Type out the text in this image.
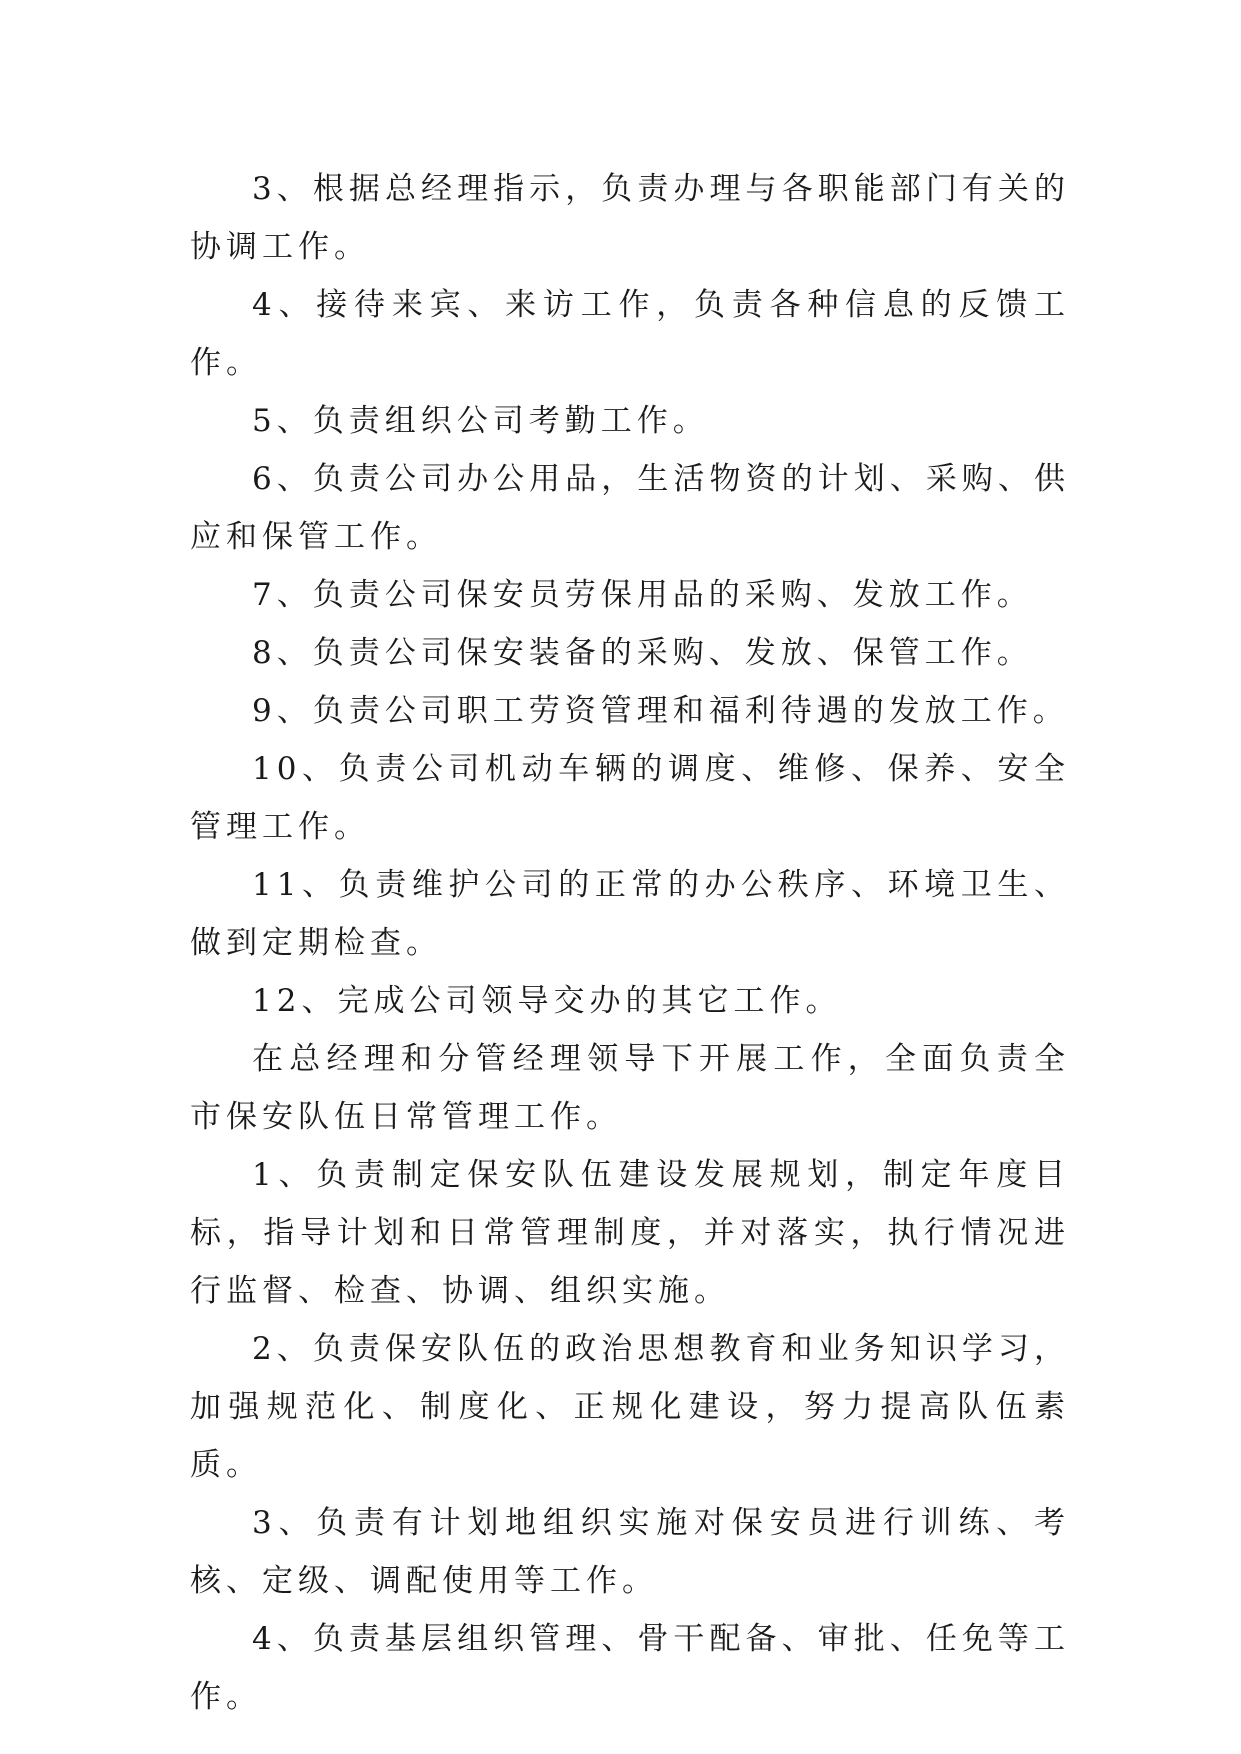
3、根据总经理指示，负责办理与各职能部门有关的协调工作。

4、接待来宾、来访工作，负责各种信息的反馈工作。

5、负责组织公司考勤工作。

6、负责公司办公用品，生活物资的计划、采购、供应和保管工作。

7、负责公司保安员劳保用品的采购、发放工作。

8、负责公司保安装备的采购、发放、保管工作。

9、负责公司职工劳资管理和福利待遇的发放工作。

10、负责公司机动车辆的调度、维修、保养、安全管理工作。

11、负责维护公司的正常的办公秩序、环境卫生、做到定期检查。

12、完成公司领导交办的其它工作。

在总经理和分管经理领导下开展工作，全面负责全市保安队伍日常管理工作。

1、负责制定保安队伍建设发展规划，制定年度目标，指导计划和日常管理制度，并对落实，执行情况进行监督、检查、协调、组织实施。

2、负责保安队伍的政治思想教育和业务知识学习，加强规范化、制度化、正规化建设，努力提高队伍素质。

3、负责有计划地组织实施对保安员进行训练、考核、定级、调配使用等工作。

4、负责基层组织管理、骨干配备、审批、任免等工作。
